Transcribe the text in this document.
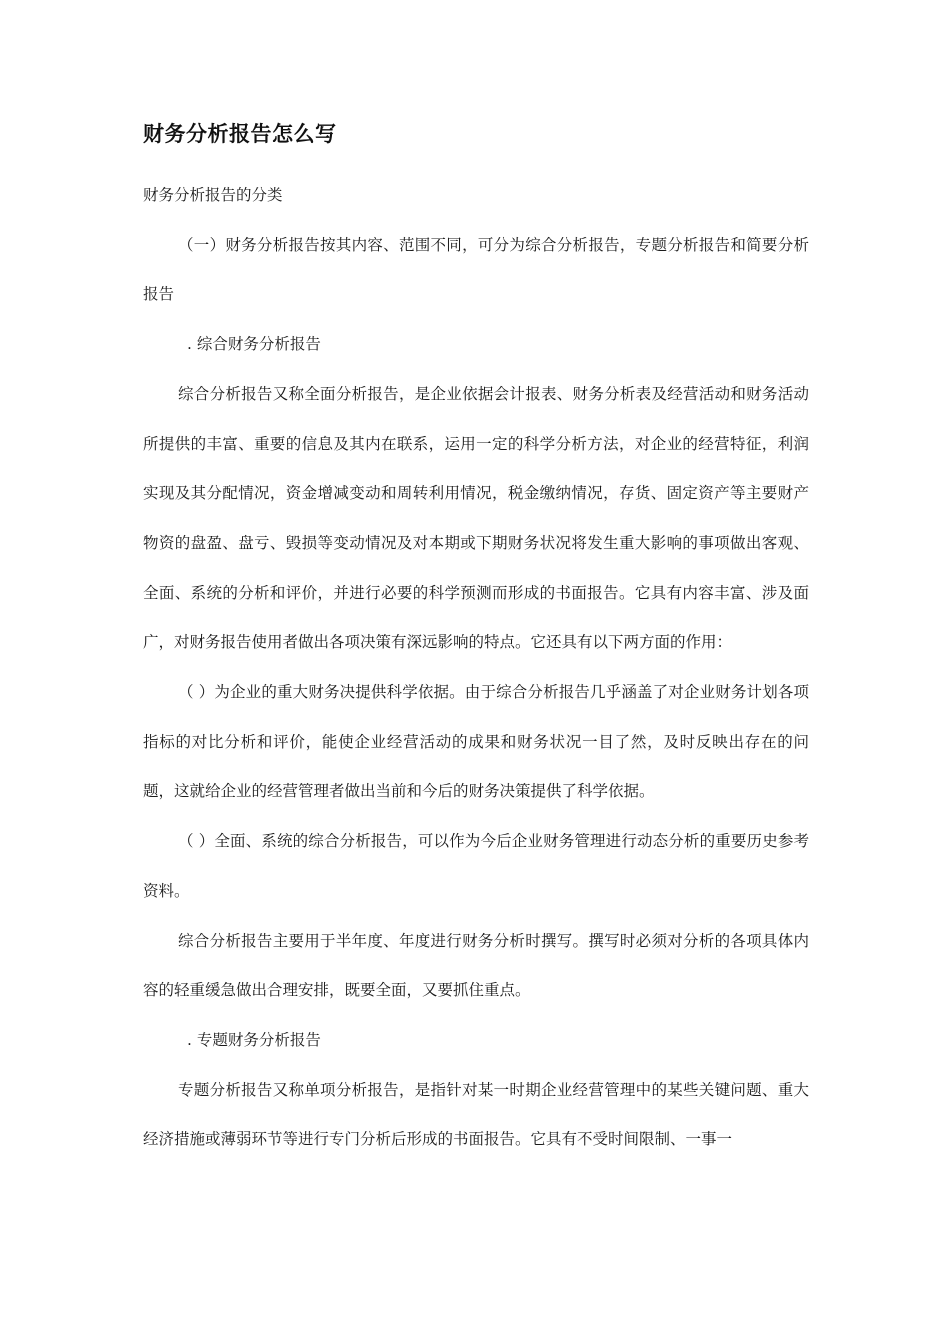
财务分析报告怎么写

财务分析报告的分类

（一）财务分析报告按其内容、范围不同，可分为综合分析报告，专题分析报告和简要分析报告

. 综合财务分析报告

综合分析报告又称全面分析报告，是企业依据会计报表、财务分析表及经营活动和财务活动所提供的丰富、重要的信息及其内在联系，运用一定的科学分析方法，对企业的经营特征，利润实现及其分配情况，资金增减变动和周转利用情况，税金缴纳情况，存货、固定资产等主要财产物资的盘盈、盘亏、毁损等变动情况及对本期或下期财务状况将发生重大影响的事项做出客观、全面、系统的分析和评价，并进行必要的科学预测而形成的书面报告。它具有内容丰富、涉及面广，对财务报告使用者做出各项决策有深远影响的特点。它还具有以下两方面的作用：

（ ）为企业的重大财务决提供科学依据。由于综合分析报告几乎涵盖了对企业财务计划各项指标的对比分析和评价，能使企业经营活动的成果和财务状况一目了然，及时反映出存在的问题，这就给企业的经营管理者做出当前和今后的财务决策提供了科学依据。

（ ）全面、系统的综合分析报告，可以作为今后企业财务管理进行动态分析的重要历史参考资料。

综合分析报告主要用于半年度、年度进行财务分析时撰写。撰写时必须对分析的各项具体内容的轻重缓急做出合理安排，既要全面，又要抓住重点。

. 专题财务分析报告

专题分析报告又称单项分析报告，是指针对某一时期企业经营管理中的某些关键问题、重大经济措施或薄弱环节等进行专门分析后形成的书面报告。它具有不受时间限制、一事一
